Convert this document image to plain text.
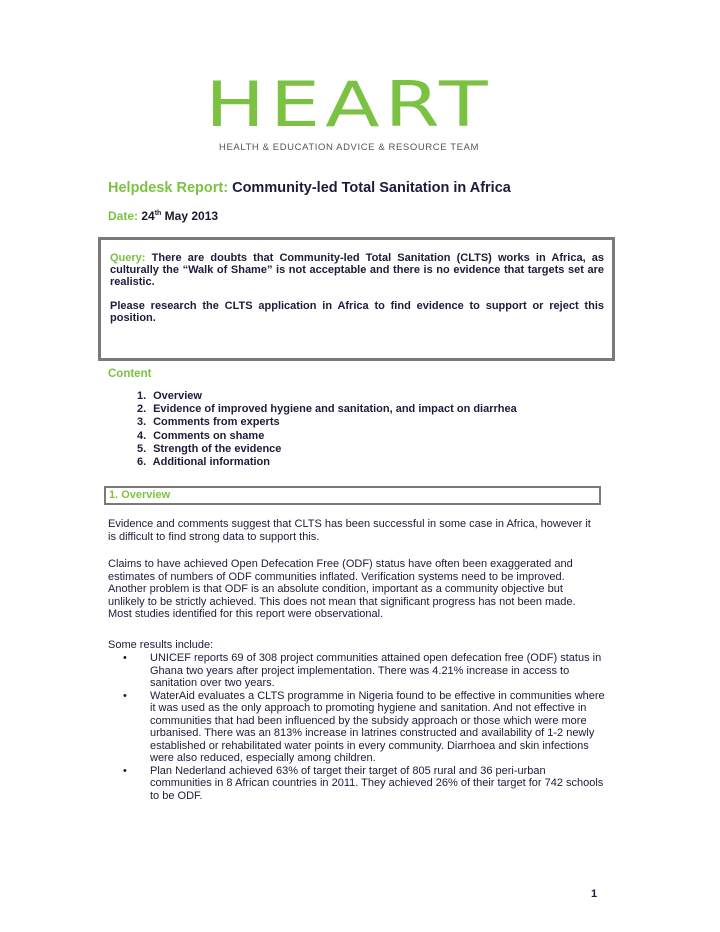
HEART
HEALTH & EDUCATION ADVICE & RESOURCE TEAM
Helpdesk Report: Community-led Total Sanitation in Africa
Date: 24th May 2013

Query: There are doubts that Community-led Total Sanitation (CLTS) works in Africa, as culturally the “Walk of Shame” is not acceptable and there is no evidence that targets set are realistic.

Please research the CLTS application in Africa to find evidence to support or reject this position.

Content
1. Overview
2. Evidence of improved hygiene and sanitation, and impact on diarrhea
3. Comments from experts
4. Comments on shame
5. Strength of the evidence
6. Additional information
1. Overview

Evidence and comments suggest that CLTS has been successful in some case in Africa, however it is difficult to find strong data to support this.

Claims to have achieved Open Defecation Free (ODF) status have often been exaggerated and estimates of numbers of ODF communities inflated. Verification systems need to be improved. Another problem is that ODF is an absolute condition, important as a community objective but unlikely to be strictly achieved. This does not mean that significant progress has not been made. Most studies identified for this report were observational.

Some results include:

• UNICEF reports 69 of 308 project communities attained open defecation free (ODF) status in Ghana two years after project implementation. There was 4.21% increase in access to sanitation over two years.
• WaterAid evaluates a CLTS programme in Nigeria found to be effective in communities where it was used as the only approach to promoting hygiene and sanitation. And not effective in communities that had been influenced by the subsidy approach or those which were more urbanised. There was an 813% increase in latrines constructed and availability of 1-2 newly established or rehabilitated water points in every community. Diarrhoea and skin infections were also reduced, especially among children.
• Plan Nederland achieved 63% of target their target of 805 rural and 36 peri-urban communities in 8 African countries in 2011. They achieved 26% of their target for 742 schools to be ODF.
1
